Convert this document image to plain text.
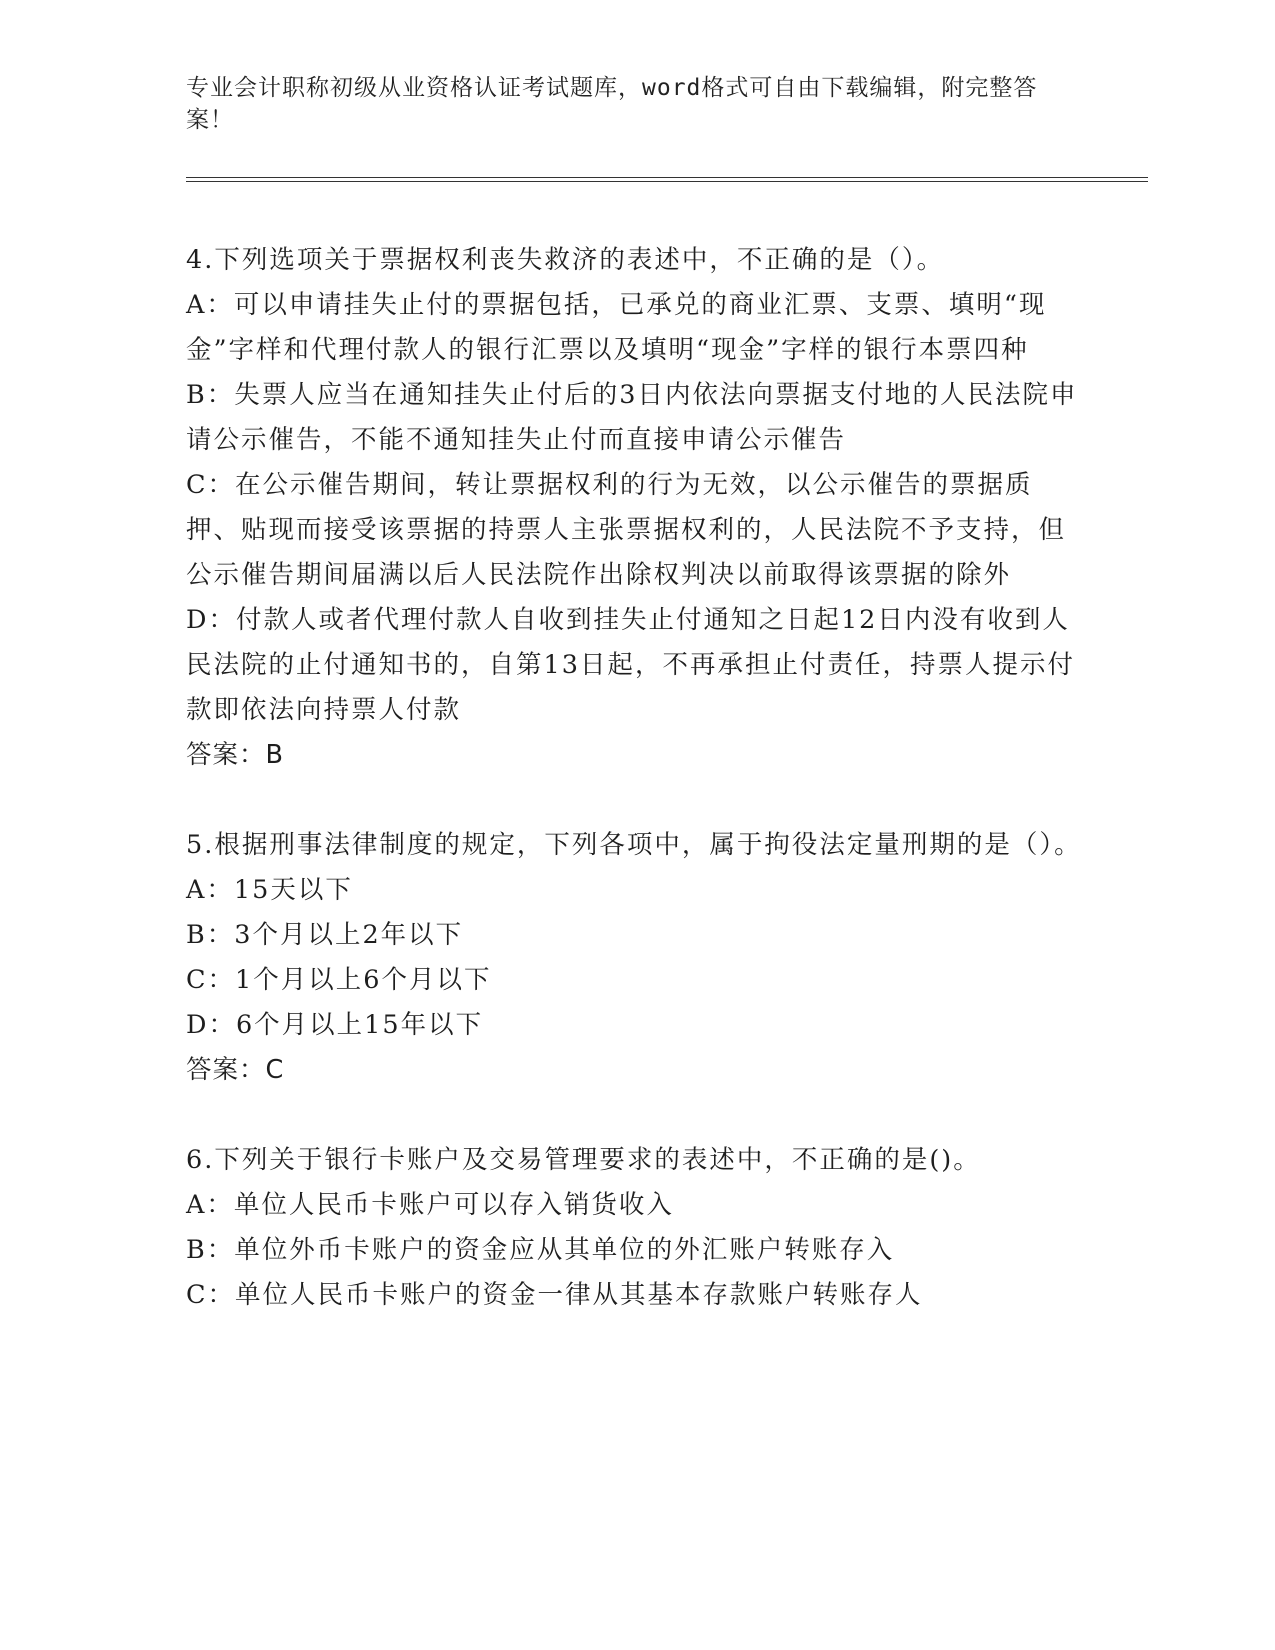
专业会计职称初级从业资格认证考试题库，word格式可自由下载编辑，附完整答案！
4.下列选项关于票据权利丧失救济的表述中，不正确的是（）。
A：可以申请挂失止付的票据包括，已承兑的商业汇票、支票、填明“现金”字样和代理付款人的银行汇票以及填明“现金”字样的银行本票四种
B：失票人应当在通知挂失止付后的3日内依法向票据支付地的人民法院申请公示催告，不能不通知挂失止付而直接申请公示催告
C：在公示催告期间，转让票据权利的行为无效，以公示催告的票据质押、贴现而接受该票据的持票人主张票据权利的，人民法院不予支持，但公示催告期间届满以后人民法院作出除权判决以前取得该票据的除外
D：付款人或者代理付款人自收到挂失止付通知之日起12日内没有收到人民法院的止付通知书的，自第13日起，不再承担止付责任，持票人提示付款即依法向持票人付款
答案：B
5.根据刑事法律制度的规定，下列各项中，属于拘役法定量刑期的是（）。
A：15天以下
B：3个月以上2年以下
C：1个月以上6个月以下
D：6个月以上15年以下
答案：C
6.下列关于银行卡账户及交易管理要求的表述中，不正确的是()。
A：单位人民币卡账户可以存入销货收入
B：单位外币卡账户的资金应从其单位的外汇账户转账存入
C：单位人民币卡账户的资金一律从其基本存款账户转账存人
